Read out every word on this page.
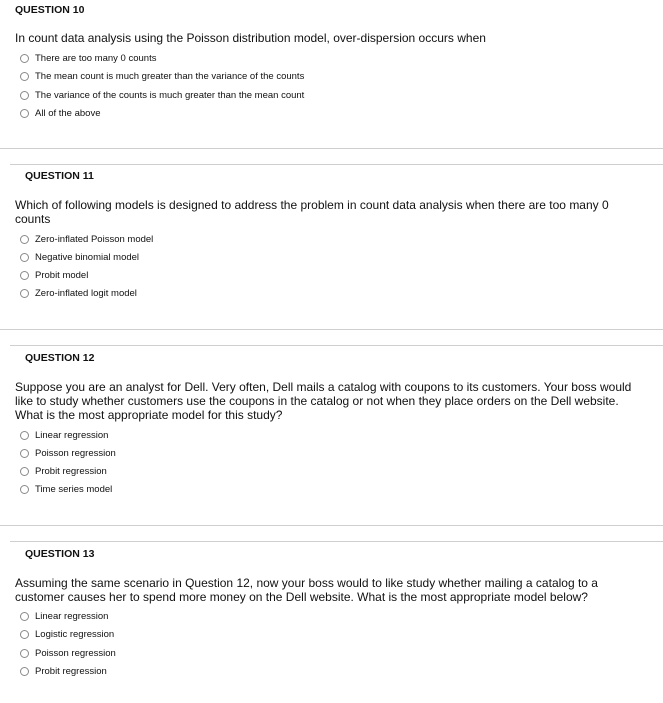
QUESTION 10
In count data analysis using the Poisson distribution model, over-dispersion occurs when
There are too many 0 counts
The mean count is much greater than the variance of the counts
The variance of the counts is much greater than the mean count
All of the above
QUESTION 11
Which of following models is designed to address the problem in count data analysis when there are too many 0 counts
Zero-inflated Poisson model
Negative binomial model
Probit model
Zero-inflated logit model
QUESTION 12
Suppose you are an analyst for Dell. Very often, Dell mails a catalog with coupons to its customers. Your boss would like to study whether customers use the coupons in the catalog or not when they place orders on the Dell website. What is the most appropriate model for this study?
Linear regression
Poisson regression
Probit regression
Time series model
QUESTION 13
Assuming the same scenario in Question 12, now your boss would to like study whether mailing a catalog to a customer causes her to spend more money on the Dell website. What is the most appropriate model below?
Linear regression
Logistic regression
Poisson regression
Probit regression
